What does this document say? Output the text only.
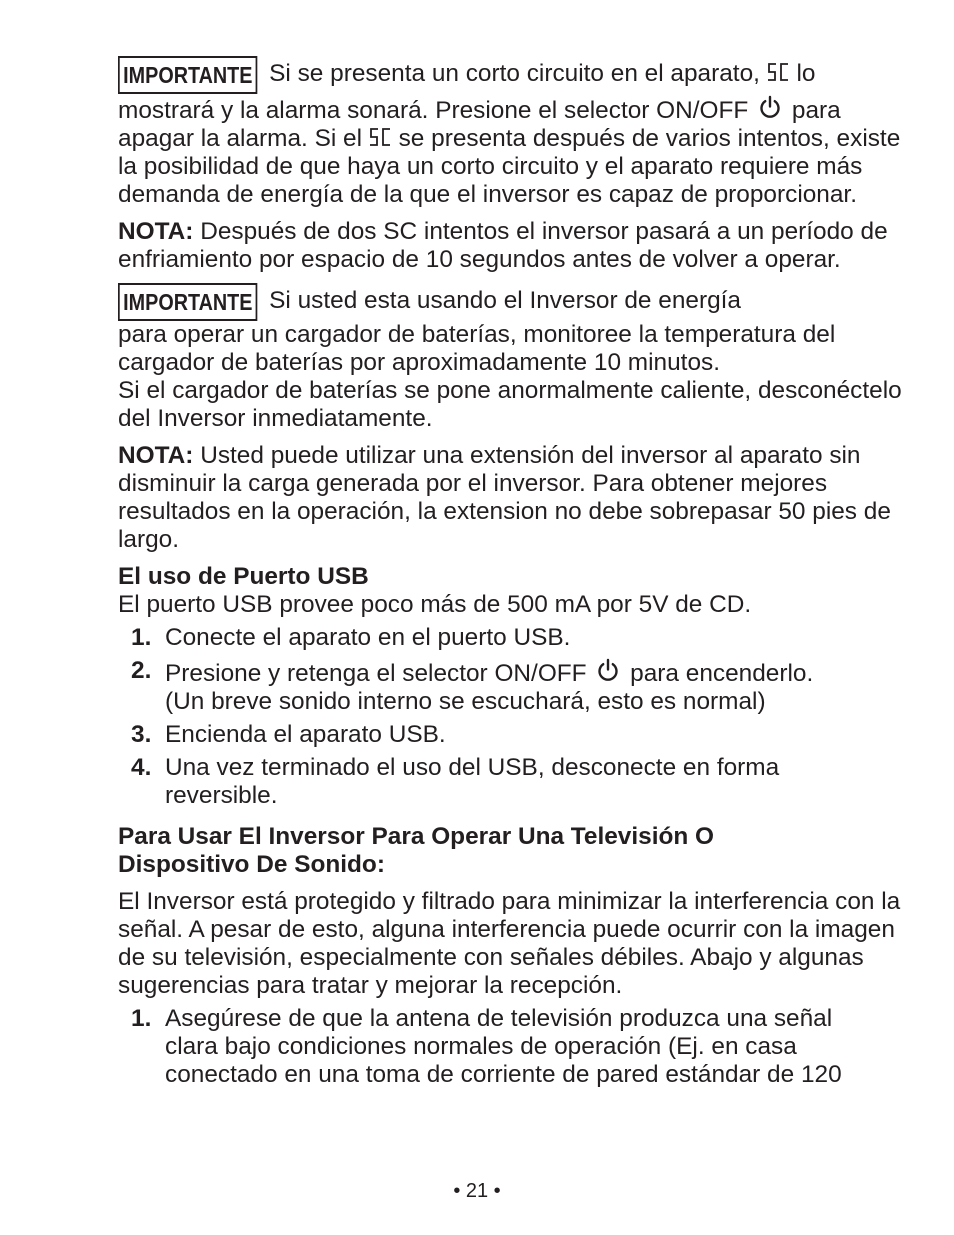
IMPORTANTE Si se presenta un corto circuito en el aparato, lo mostrará y la alarma sonará. Presione el selector ON/OFF para apagar la alarma. Si el se presenta después de varios intentos, existe la posibilidad de que haya un corto circuito y el aparato requiere más demanda de energía de la que el inversor es capaz de proporcionar.

NOTA: Después de dos SC intentos el inversor pasará a un período de enfriamiento por espacio de 10 segundos antes de volver a operar.

IMPORTANTE Si usted esta usando el Inversor de energía
para operar un cargador de baterías, monitoree la temperatura del cargador de baterías por aproximadamente 10 minutos.
Si el cargador de baterías se pone anormalmente caliente, desconéctelo del Inversor inmediatamente.

NOTA: Usted puede utilizar una extensión del inversor al aparato sin disminuir la carga generada por el inversor. Para obtener mejores resultados en la operación, la extension no debe sobrepasar 50 pies de largo.

El uso de Puerto USB

El puerto USB provee poco más de 500 mA por 5V de CD.

1. Conecte el aparato en el puerto USB.
2. Presione y retenga el selector ON/OFF para encenderlo.
(Un breve sonido interno se escuchará, esto es normal)
3. Encienda el aparato USB.
4. Una vez terminado el uso del USB, desconecte en forma
reversible.

Para Usar El Inversor Para Operar Una Televisión O
Dispositivo De Sonido:

El Inversor está protegido y filtrado para minimizar la interferencia con la señal. A pesar de esto, alguna interferencia puede ocurrir con la imagen de su televisión, especialmente con señales débiles. Abajo y algunas sugerencias para tratar y mejorar la recepción.

1. Asegúrese de que la antena de televisión produzca una señal
clara bajo condiciones normales de operación (Ej. en casa
conectado en una toma de corriente de pared estándar de 120
• 21 •
